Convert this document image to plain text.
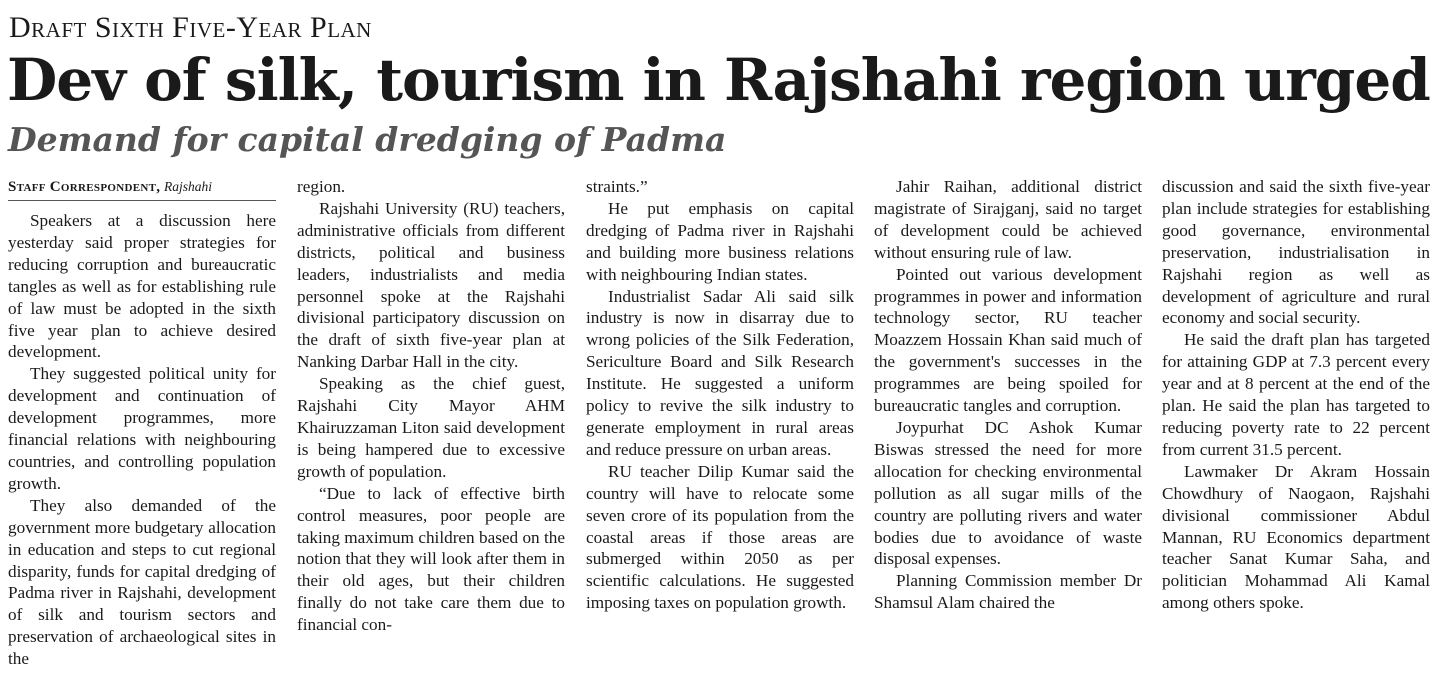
Draft Sixth Five-Year Plan
Dev of silk, tourism in Rajshahi region urged
Demand for capital dredging of Padma
Staff Correspondent, Rajshahi

Speakers at a discussion here yesterday said proper strategies for reducing corruption and bureaucratic tangles as well as for establishing rule of law must be adopted in the sixth five year plan to achieve desired development.

They suggested political unity for development and continuation of development programmes, more financial relations with neighbouring countries, and controlling population growth.

They also demanded of the government more budgetary allocation in education and steps to cut regional disparity, funds for capital dredging of Padma river in Rajshahi, development of silk and tourism sectors and preservation of archaeological sites in the

region.

Rajshahi University (RU) teachers, administrative officials from different districts, political and business leaders, industrialists and media personnel spoke at the Rajshahi divisional participatory discussion on the draft of sixth five-year plan at Nanking Darbar Hall in the city.

Speaking as the chief guest, Rajshahi City Mayor AHM Khairuzzaman Liton said development is being hampered due to excessive growth of population.

“Due to lack of effective birth control measures, poor people are taking maximum children based on the notion that they will look after them in their old ages, but their children finally do not take care them due to financial con-

straints.”

He put emphasis on capital dredging of Padma river in Rajshahi and building more business relations with neighbouring Indian states.

Industrialist Sadar Ali said silk industry is now in disarray due to wrong policies of the Silk Federation, Sericulture Board and Silk Research Institute. He suggested a uniform policy to revive the silk industry to generate employment in rural areas and reduce pressure on urban areas.

RU teacher Dilip Kumar said the country will have to relocate some seven crore of its population from the coastal areas if those areas are submerged within 2050 as per scientific calculations. He suggested imposing taxes on population growth.

Jahir Raihan, additional district magistrate of Sirajganj, said no target of development could be achieved without ensuring rule of law.

Pointed out various development programmes in power and information technology sector, RU teacher Moazzem Hossain Khan said much of the government's successes in the programmes are being spoiled for bureaucratic tangles and corruption.

Joypurhat DC Ashok Kumar Biswas stressed the need for more allocation for checking environmental pollution as all sugar mills of the country are polluting rivers and water bodies due to avoidance of waste disposal expenses.

Planning Commission member Dr Shamsul Alam chaired the

discussion and said the sixth five-year plan include strategies for establishing good governance, environmental preservation, industrialisation in Rajshahi region as well as development of agriculture and rural economy and social security.

He said the draft plan has targeted for attaining GDP at 7.3 percent every year and at 8 percent at the end of the plan. He said the plan has targeted to reducing poverty rate to 22 percent from current 31.5 percent.

Lawmaker Dr Akram Hossain Chowdhury of Naogaon, Rajshahi divisional commissioner Abdul Mannan, RU Economics department teacher Sanat Kumar Saha, and politician Mohammad Ali Kamal among others spoke.
